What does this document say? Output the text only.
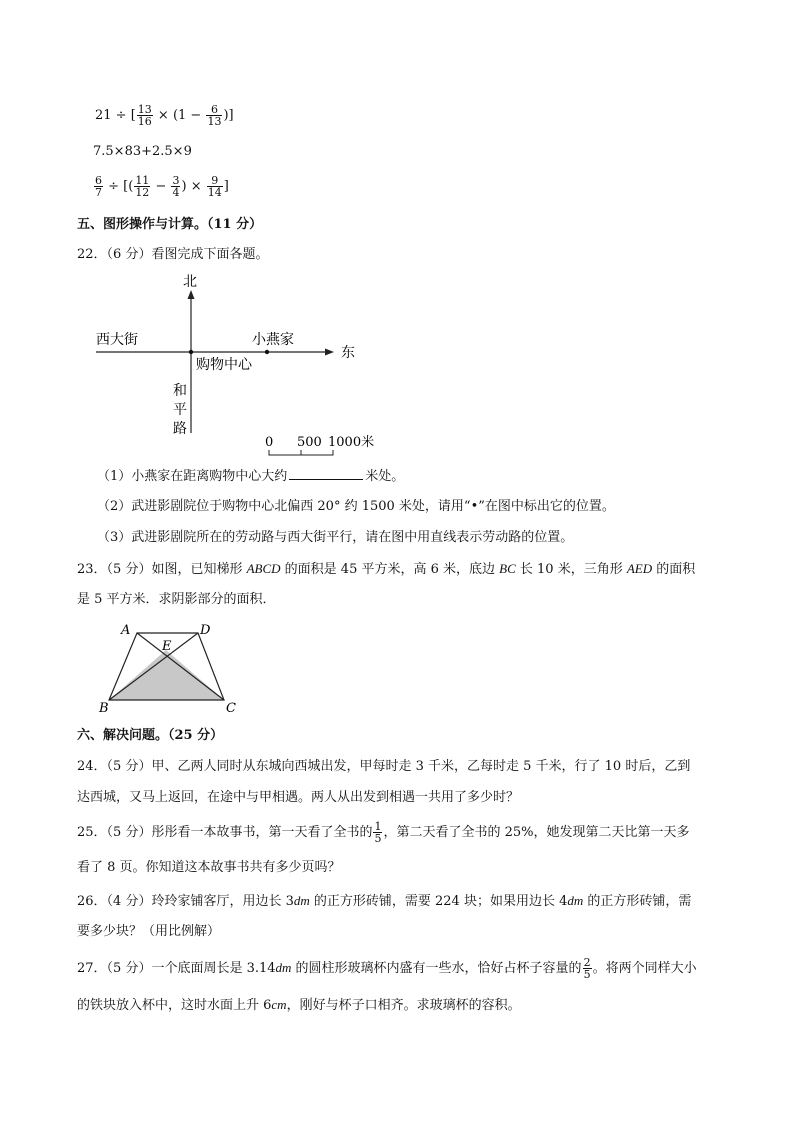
21 ÷ [ $\frac{13}{16} \times (1 - \frac{6}{13}$ )]
7.5×83+2.5×9
$\frac{6}{7}$ ÷ [( $\frac{11}{12} - \frac{3}{4}$ ) × $\frac{9}{14}$ ]
五、图形操作与计算。（11 分）
22．（6 分）看图完成下面各题。
北
东
西大街	小燕家
购物中心
和
平
路
0 500 1000米
（1）小燕家在距离购物中心大约	米处。
（2）武进影剧院位于购物中心北偏西 20° 约 1500 米处，请用“•”在图中标出它的位置。
（3）武进影剧院所在的劳动路与西大街平行，请在图中用直线表示劳动路的位置。
23．（5 分）如图，已知梯形 ABCD 的面积是 45 平方米，高 6 米，底边 BC 长 10 米，三角形 AED 的面积
是 5 平方米．求阴影部分的面积．
A	D
E
B	C
六、解决问题。（25 分）
24．（5 分）甲、乙两人同时从东城向西城出发，甲每时走 3 千米，乙每时走 5 千米，行了 10 时后，乙到
达西城，又马上返回，在途中与甲相遇。两人从出发到相遇一共用了多少时？
25．（5 分）彤彤看一本故事书，第一天看了全书的 $\frac{1}{5}$ ，第二天看了全书的 25%，她发现第二天比第一天多
看了 8 页。你知道这本故事书共有多少页吗？
26．（4 分）玲玲家铺客厅，用边长 3dm 的正方形砖铺，需要 224 块；如果用边长 4dm 的正方形砖铺，需
要多少块？（用比例解）
27．（5 分）一个底面周长是 3.14dm 的圆柱形玻璃杯内盛有一些水，恰好占杯子容量的 $\frac{2}{5}$ 。将两个同样大小
的铁块放入杯中，这时水面上升 6cm，刚好与杯子口相齐。求玻璃杯的容积。
